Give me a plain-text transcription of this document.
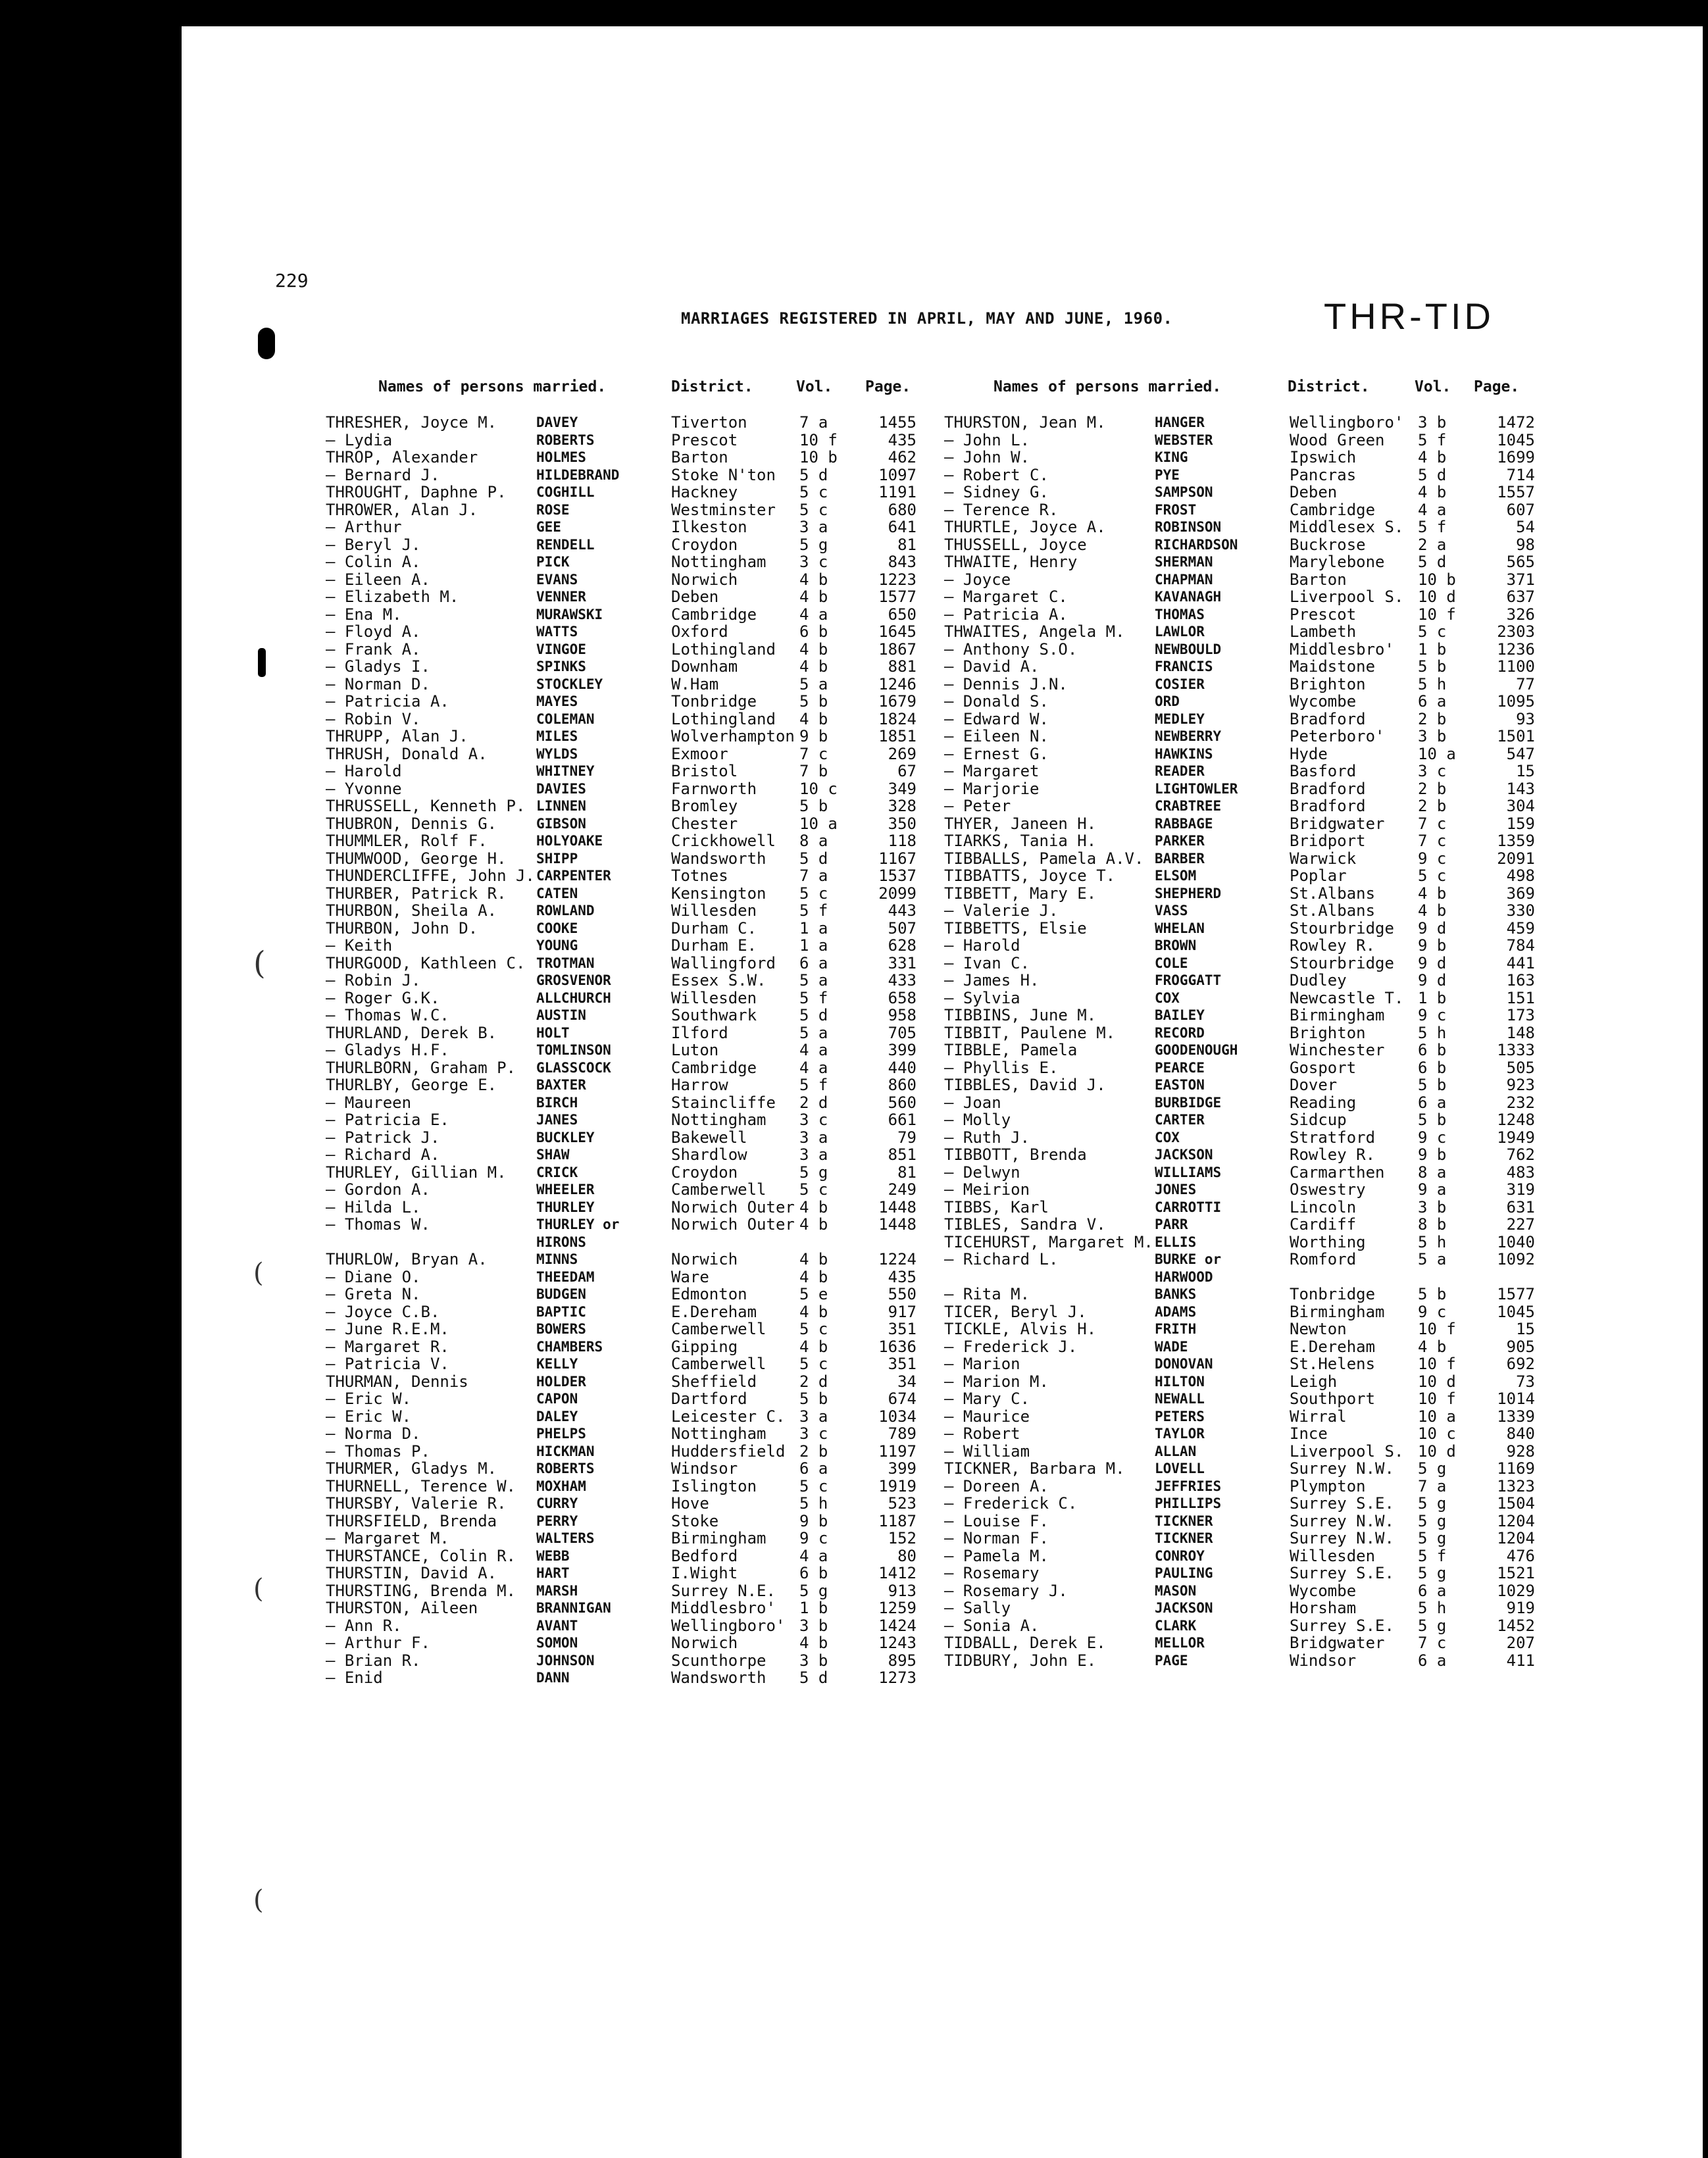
(
(
(
(
229
MARRIAGES REGISTERED IN APRIL, MAY AND JUNE, 1960.	THR-TID
Names of persons married.	District.	Vol. Page.
THRESHER, Joyce M.	DAVEY	Tiverton	7 a	1455
— Lydia	ROBERTS	Prescot	10 f	435
THROP, Alexander	HOLMES	Barton	10 b	462
— Bernard J.	HILDEBRAND	Stoke N'ton 5 d	1097
THROUGHT, Daphne P. COGHILL	Hackney	5 c	1191
THROWER, Alan J.	ROSE	Westminster 5 c	680
— Arthur	GEE	Ilkeston	3 a	641
— Beryl J.	RENDELL	Croydon	5 g	81
— Colin A.	PICK	Nottingham 3 c	843
— Eileen A.	EVANS	Norwich	4 b	1223
— Elizabeth M.	VENNER	Deben	4 b	1577
— Ena M.	MURAWSKI	Cambridge	4 a	650
— Floyd A.	WATTS	Oxford	6 b	1645
— Frank A.	VINGOE	Lothingland 4 b	1867
— Gladys I.	SPINKS	Downham	4 b	881
— Norman D.	STOCKLEY	W.Ham	5 a	1246
— Patricia A.	MAYES	Tonbridge	5 b	1679
— Robin V.	COLEMAN	Lothingland 4 b	1824
THRUPP, Alan J.	MILES	Wolverhampton 9 b	1851
THRUSH, Donald A.	WYLDS	Exmoor	7 c	269
— Harold	WHITNEY	Bristol	7 b	67
— Yvonne	DAVIES	Farnworth	10 c	349
THRUSSELL, Kenneth P. LINNEN	Bromley	5 b	328
THUBRON, Dennis G.	GIBSON	Chester	10 a	350
THUMMLER, Rolf F.	HOLYOAKE	Crickhowell 8 a	118
THUMWOOD, George H. SHIPP	Wandsworth 5 d	1167
THUNDERCLIFFE, John J. CARPENTER	Totnes	7 a	1537
THURBER, Patrick R. CATEN	Kensington 5 c	2099
THURBON, Sheila A.	ROWLAND	Willesden	5 f	443
THURBON, John D.	COOKE	Durham C.	1 a	507
— Keith	YOUNG	Durham E.	1 a	628
THURGOOD, Kathleen C. TROTMAN	Wallingford 6 a	331
— Robin J.	GROSVENOR	Essex S.W. 5 a	433
— Roger G.K.	ALLCHURCH	Willesden	5 f	658
— Thomas W.C.	AUSTIN	Southwark	5 d	958
THURLAND, Derek B.	HOLT	Ilford	5 a	705
— Gladys H.F.	TOMLINSON	Luton	4 a	399
THURLBORN, Graham P. GLASSCOCK	Cambridge	4 a	440
THURLBY, George E.	BAXTER	Harrow	5 f	860
— Maureen	BIRCH	Staincliffe 2 d	560
— Patricia E.	JANES	Nottingham 3 c	661
— Patrick J.	BUCKLEY	Bakewell	3 a	79
— Richard A.	SHAW	Shardlow	3 a	851
THURLEY, Gillian M. CRICK	Croydon	5 g	81
— Gordon A.	WHEELER	Camberwell 5 c	249
— Hilda L.	THURLEY	Norwich Outer 4 b	1448
— Thomas W.	THURLEY or	Norwich Outer 4 b	1448
HIRONS
THURLOW, Bryan A.	MINNS	Norwich	4 b	1224
— Diane O.	THEEDAM	Ware	4 b	435
— Greta N.	BUDGEN	Edmonton	5 e	550
— Joyce C.B.	BAPTIC	E.Dereham	4 b	917
— June R.E.M.	BOWERS	Camberwell 5 c	351
— Margaret R.	CHAMBERS	Gipping	4 b	1636
— Patricia V.	KELLY	Camberwell 5 c	351
THURMAN, Dennis	HOLDER	Sheffield	2 d	34
— Eric W.	CAPON	Dartford	5 b	674
— Eric W.	DALEY	Leicester C. 3 a	1034
— Norma D.	PHELPS	Nottingham 3 c	789
— Thomas P.	HICKMAN	Huddersfield 2 b	1197
THURMER, Gladys M.	ROBERTS	Windsor	6 a	399
THURNELL, Terence W. MOXHAM	Islington	5 c	1919
THURSBY, Valerie R. CURRY	Hove	5 h	523
THURSFIELD, Brenda	PERRY	Stoke	9 b	1187
— Margaret M.	WALTERS	Birmingham 9 c	152
THURSTANCE, Colin R. WEBB	Bedford	4 a	80
THURSTIN, David A.	HART	I.Wight	6 b	1412
THURSTING, Brenda M. MARSH	Surrey N.E. 5 g	913
THURSTON, Aileen	BRANNIGAN	Middlesbro' 1 b	1259
— Ann R.	AVANT	Wellingboro' 3 b	1424
— Arthur F.	SOMON	Norwich	4 b	1243
— Brian R.	JOHNSON	Scunthorpe 3 b	895
— Enid	DANN	Wandsworth 5 d	1273
Names of persons married.	District.	Vol. Page.
THURSTON, Jean M.	HANGER	Wellingboro' 3 b	1472
— John L.	WEBSTER	Wood Green 5 f	1045
— John W.	KING	Ipswich	4 b	1699
— Robert C.	PYE	Pancras	5 d	714
— Sidney G.	SAMPSON	Deben	4 b	1557
— Terence R.	FROST	Cambridge	4 a	607
THURTLE, Joyce A.	ROBINSON	Middlesex S. 5 f	54
THUSSELL, Joyce	RICHARDSON	Buckrose	2 a	98
THWAITE, Henry	SHERMAN	Marylebone 5 d	565
— Joyce	CHAPMAN	Barton	10 b	371
— Margaret C.	KAVANAGH	Liverpool S. 10 d	637
— Patricia A.	THOMAS	Prescot	10 f	326
THWAITES, Angela M. LAWLOR	Lambeth	5 c	2303
— Anthony S.O.	NEWBOULD	Middlesbro' 1 b	1236
— David A.	FRANCIS	Maidstone	5 b	1100
— Dennis J.N.	COSIER	Brighton	5 h	77
— Donald S.	ORD	Wycombe	6 a	1095
— Edward W.	MEDLEY	Bradford	2 b	93
— Eileen N.	NEWBERRY	Peterboro' 3 b	1501
— Ernest G.	HAWKINS	Hyde	10 a	547
— Margaret	READER	Basford	3 c	15
— Marjorie	LIGHTOWLER	Bradford	2 b	143
— Peter	CRABTREE	Bradford	2 b	304
THYER, Janeen H.	RABBAGE	Bridgwater 7 c	159
TIARKS, Tania H.	PARKER	Bridport	7 c	1359
TIBBALLS, Pamela A.V. BARBER	Warwick	9 c	2091
TIBBATTS, Joyce T.	ELSOM	Poplar	5 c	498
TIBBETT, Mary E.	SHEPHERD	St.Albans	4 b	369
— Valerie J.	VASS	St.Albans	4 b	330
TIBBETTS, Elsie	WHELAN	Stourbridge 9 d	459
— Harold	BROWN	Rowley R.	9 b	784
— Ivan C.	COLE	Stourbridge 9 d	441
— James H.	FROGGATT	Dudley	9 d	163
— Sylvia	COX	Newcastle T. 1 b	151
TIBBINS, June M.	BAILEY	Birmingham 9 c	173
TIBBIT, Paulene M.	RECORD	Brighton	5 h	148
TIBBLE, Pamela	GOODENOUGH	Winchester 6 b	1333
— Phyllis E.	PEARCE	Gosport	6 b	505
TIBBLES, David J.	EASTON	Dover	5 b	923
— Joan	BURBIDGE	Reading	6 a	232
— Molly	CARTER	Sidcup	5 b	1248
— Ruth J.	COX	Stratford	9 c	1949
TIBBOTT, Brenda	JACKSON	Rowley R.	9 b	762
— Delwyn	WILLIAMS	Carmarthen 8 a	483
— Meirion	JONES	Oswestry	9 a	319
TIBBS, Karl	CARROTTI	Lincoln	3 b	631
TIBLES, Sandra V.	PARR	Cardiff	8 b	227
TICEHURST, Margaret M. ELLIS	Worthing	5 h	1040
— Richard L.	BURKE or	Romford	5 a	1092
HARWOOD
— Rita M.	BANKS	Tonbridge	5 b	1577
TICER, Beryl J.	ADAMS	Birmingham 9 c	1045
TICKLE, Alvis H.	FRITH	Newton	10 f	15
— Frederick J.	WADE	E.Dereham	4 b	905
— Marion	DONOVAN	St.Helens	10 f	692
— Marion M.	HILTON	Leigh	10 d	73
— Mary C.	NEWALL	Southport	10 f	1014
— Maurice	PETERS	Wirral	10 a	1339
— Robert	TAYLOR	Ince	10 c	840
— William	ALLAN	Liverpool S. 10 d	928
TICKNER, Barbara M. LOVELL	Surrey N.W. 5 g	1169
— Doreen A.	JEFFRIES	Plympton	7 a	1323
— Frederick C.	PHILLIPS	Surrey S.E. 5 g	1504
— Louise F.	TICKNER	Surrey N.W. 5 g	1204
— Norman F.	TICKNER	Surrey N.W. 5 g	1204
— Pamela M.	CONROY	Willesden	5 f	476
— Rosemary	PAULING	Surrey S.E. 5 g	1521
— Rosemary J.	MASON	Wycombe	6 a	1029
— Sally	JACKSON	Horsham	5 h	919
— Sonia A.	CLARK	Surrey S.E. 5 g	1452
TIDBALL, Derek E.	MELLOR	Bridgwater 7 c	207
TIDBURY, John E.	PAGE	Windsor	6 a	411
